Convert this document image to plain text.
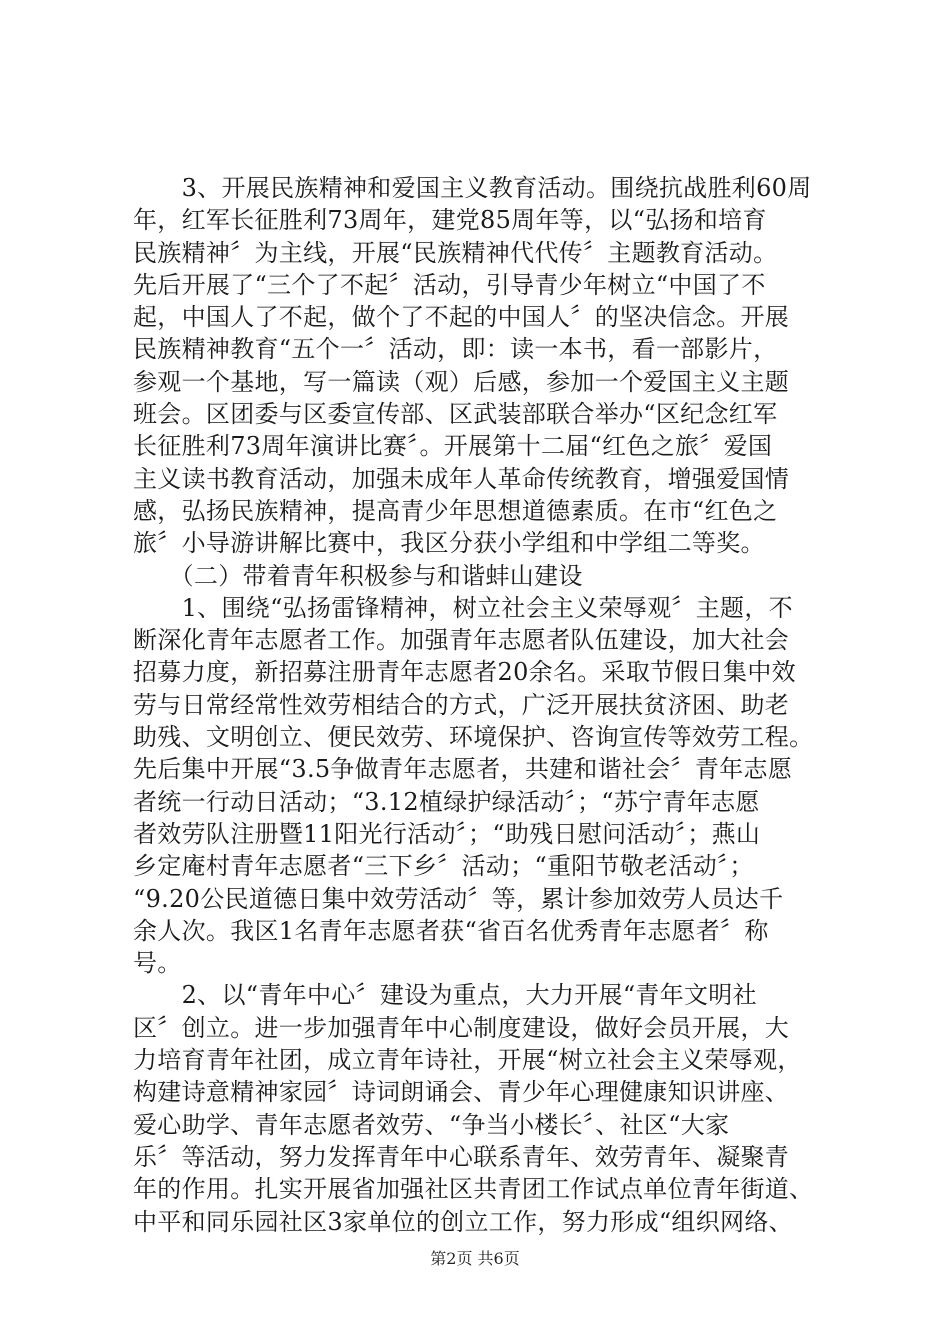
　　3、开展民族精神和爱国主义教育活动。围绕抗战胜利60周
年，红军长征胜利73周年，建党85周年等，以“弘扬和培育
民族精神〞为主线，开展“民族精神代代传〞主题教育活动。
先后开展了“三个了不起〞活动，引导青少年树立“中国了不
起，中国人了不起，做个了不起的中国人〞的坚决信念。开展
民族精神教育“五个一〞活动，即：读一本书，看一部影片，
参观一个基地，写一篇读（观）后感，参加一个爱国主义主题
班会。区团委与区委宣传部、区武装部联合举办“区纪念红军
长征胜利73周年演讲比赛〞。开展第十二届“红色之旅〞爱国
主义读书教育活动，加强未成年人革命传统教育，增强爱国情
感，弘扬民族精神，提高青少年思想道德素质。在市“红色之
旅〞小导游讲解比赛中，我区分获小学组和中学组二等奖。
　　（二）带着青年积极参与和谐蚌山建设
　　1、围绕“弘扬雷锋精神，树立社会主义荣辱观〞主题，不
断深化青年志愿者工作。加强青年志愿者队伍建设，加大社会
招募力度，新招募注册青年志愿者20余名。采取节假日集中效
劳与日常经常性效劳相结合的方式，广泛开展扶贫济困、助老
助残、文明创立、便民效劳、环境保护、咨询宣传等效劳工程。
先后集中开展“3.5争做青年志愿者，共建和谐社会〞青年志愿
者统一行动日活动；“3.12植绿护绿活动〞；“苏宁青年志愿
者效劳队注册暨11阳光行活动〞；“助残日慰问活动〞；燕山
乡定庵村青年志愿者“三下乡〞活动；“重阳节敬老活动〞；
“9.20公民道德日集中效劳活动〞等，累计参加效劳人员达千
余人次。我区1名青年志愿者获“省百名优秀青年志愿者〞称
号。
　　2、以“青年中心〞建设为重点，大力开展“青年文明社
区〞创立。进一步加强青年中心制度建设，做好会员开展，大
力培育青年社团，成立青年诗社，开展“树立社会主义荣辱观，
构建诗意精神家园〞诗词朗诵会、青少年心理健康知识讲座、
爱心助学、青年志愿者效劳、“争当小楼长〞、社区“大家
乐〞等活动，努力发挥青年中心联系青年、效劳青年、凝聚青
年的作用。扎实开展省加强社区共青团工作试点单位青年街道、
中平和同乐园社区3家单位的创立工作，努力形成“组织网络、
第2页 共6页
